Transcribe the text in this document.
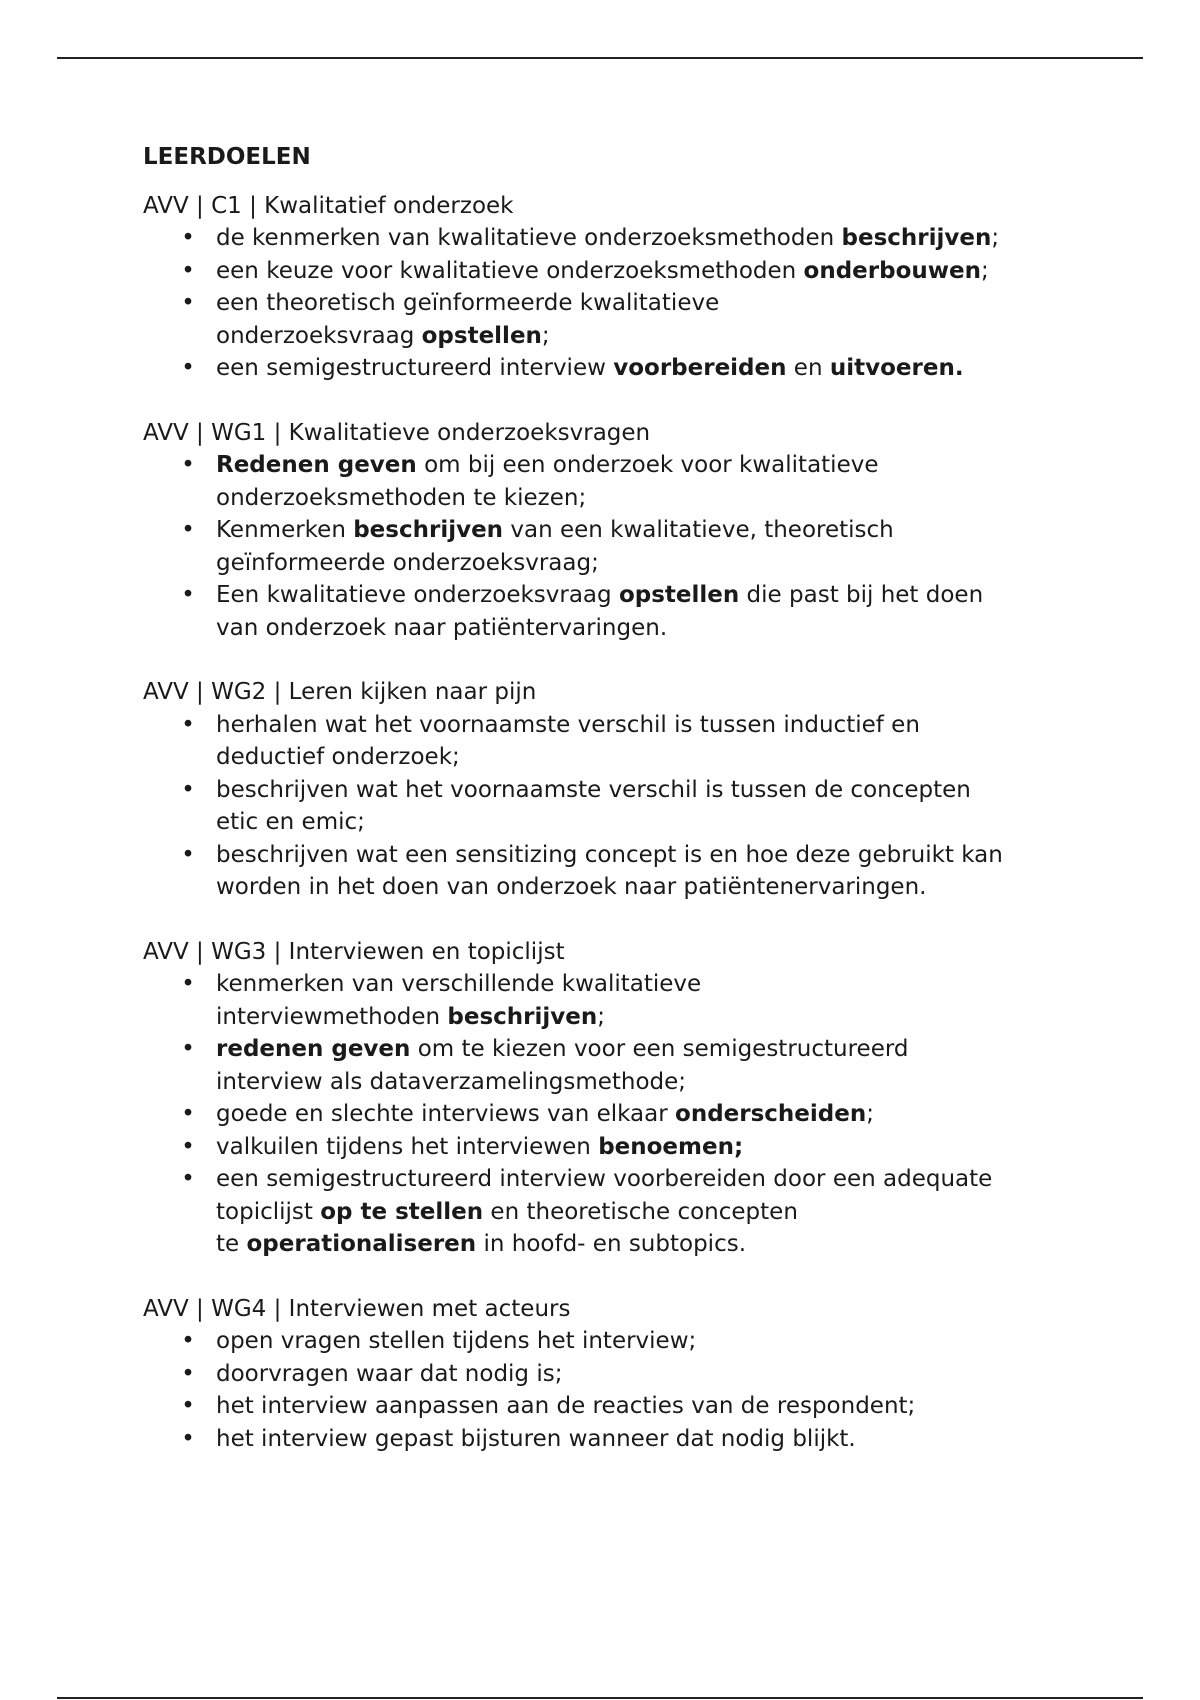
LEERDOELEN
AVV | C1 | Kwalitatief onderzoek
• de kenmerken van kwalitatieve onderzoeksmethoden beschrijven;
• een keuze voor kwalitatieve onderzoeksmethoden onderbouwen;
• een theoretisch geïnformeerde kwalitatieve
onderzoeksvraag opstellen;
• een semigestructureerd interview voorbereiden en uitvoeren.
AVV | WG1 | Kwalitatieve onderzoeksvragen
• Redenen geven om bij een onderzoek voor kwalitatieve
onderzoeksmethoden te kiezen;
• Kenmerken beschrijven van een kwalitatieve, theoretisch
geïnformeerde onderzoeksvraag;
• Een kwalitatieve onderzoeksvraag opstellen die past bij het doen
van onderzoek naar patiëntervaringen.
AVV | WG2 | Leren kijken naar pijn
• herhalen wat het voornaamste verschil is tussen inductief en
deductief onderzoek;
• beschrijven wat het voornaamste verschil is tussen de concepten
etic en emic;
• beschrijven wat een sensitizing concept is en hoe deze gebruikt kan
worden in het doen van onderzoek naar patiëntenervaringen.
AVV | WG3 | Interviewen en topiclijst
• kenmerken van verschillende kwalitatieve
interviewmethoden beschrijven;
• redenen geven om te kiezen voor een semigestructureerd
interview als dataverzamelingsmethode;
• goede en slechte interviews van elkaar onderscheiden;
• valkuilen tijdens het interviewen benoemen;
• een semigestructureerd interview voorbereiden door een adequate
topiclijst op te stellen en theoretische concepten
te operationaliseren in hoofd- en subtopics.
AVV | WG4 | Interviewen met acteurs
• open vragen stellen tijdens het interview;
• doorvragen waar dat nodig is;
• het interview aanpassen aan de reacties van de respondent;
• het interview gepast bijsturen wanneer dat nodig blijkt.
